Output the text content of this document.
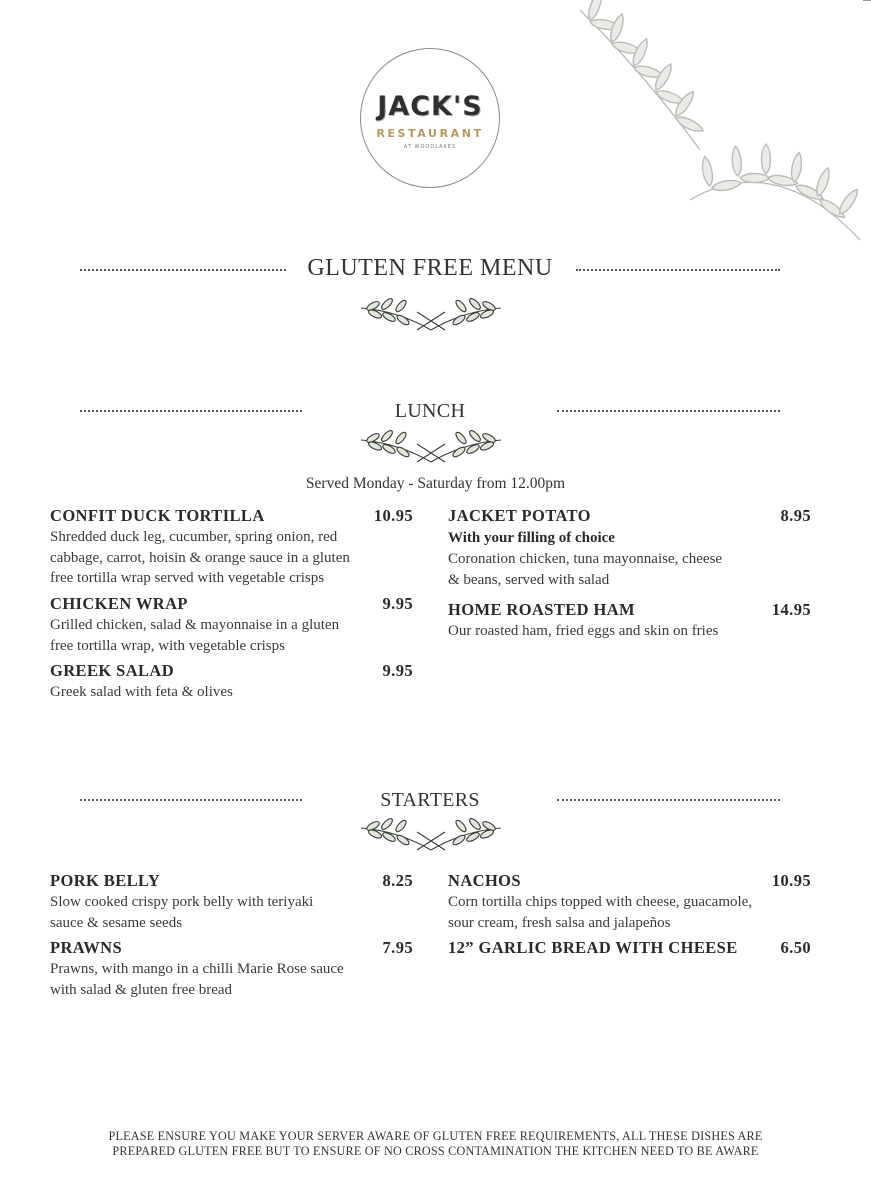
JACK'S
RESTAURANT
AT WOODLAKES
GLUTEN FREE MENU
LUNCH
Served Monday - Saturday from 12.00pm
CONFIT DUCK TORTILLA	10.95
Shredded duck leg, cucumber, spring onion, red
cabbage, carrot, hoisin & orange sauce in a gluten
free tortilla wrap served with vegetable crisps
CHICKEN WRAP	9.95
Grilled chicken, salad & mayonnaise in a gluten
free tortilla wrap, with vegetable crisps
GREEK SALAD	9.95
Greek salad with feta & olives
JACKET POTATO	8.95
With your filling of choice
Coronation chicken, tuna mayonnaise, cheese
& beans, served with salad
HOME ROASTED HAM	14.95
Our roasted ham, fried eggs and skin on fries
STARTERS
PORK BELLY	8.25
Slow cooked crispy pork belly with teriyaki
sauce & sesame seeds
PRAWNS	7.95
Prawns, with mango in a chilli Marie Rose sauce
with salad & gluten free bread
NACHOS	10.95
Corn tortilla chips topped with cheese, guacamole,
sour cream, fresh salsa and jalapeños
12” GARLIC BREAD WITH CHEESE	6.50
PLEASE ENSURE YOU MAKE YOUR SERVER AWARE OF GLUTEN FREE REQUIREMENTS, ALL THESE DISHES ARE
PREPARED GLUTEN FREE BUT TO ENSURE OF NO CROSS CONTAMINATION THE KITCHEN NEED TO BE AWARE
